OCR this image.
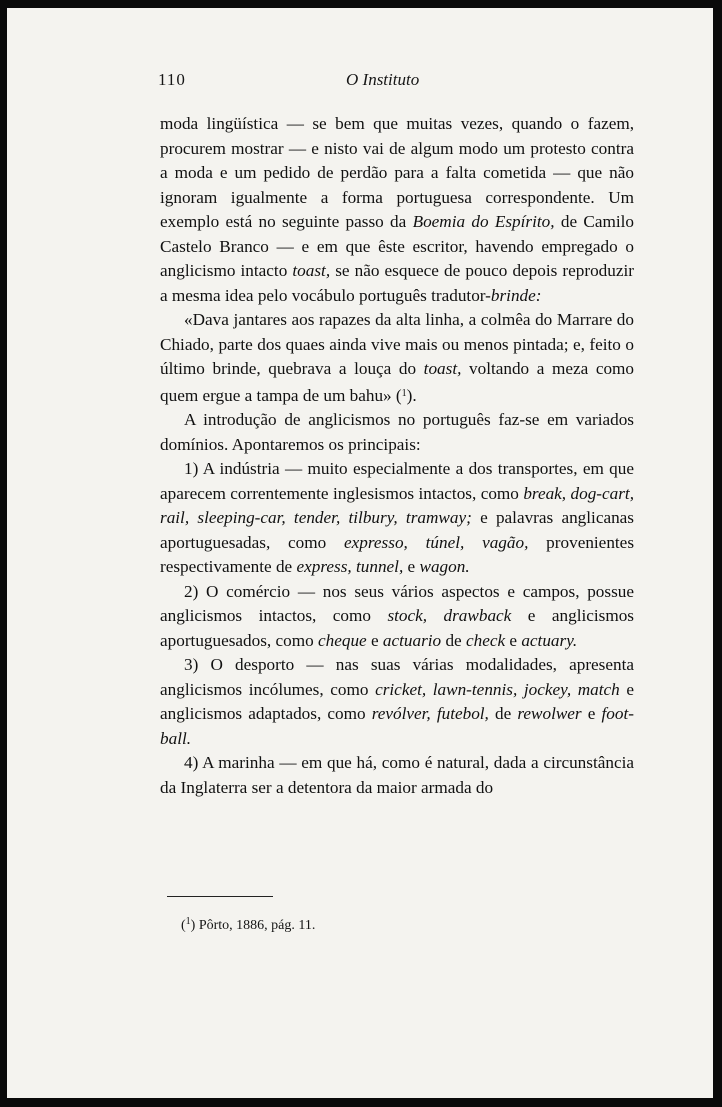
110	O Instituto

moda lingüística — se bem que muitas vezes, quando o fazem, procurem mostrar — e nisto vai de algum modo um protesto contra a moda e um pedido de perdão para a falta cometida — que não ignoram igualmente a forma portuguesa correspondente. Um exemplo está no seguinte passo da Boemia do Espírito, de Camilo Castelo Branco — e em que êste escritor, havendo empregado o anglicismo intacto toast, se não esquece de pouco depois reproduzir a mesma idea pelo vocábulo português tradutor-brinde:

«Dava jantares aos rapazes da alta linha, a colmêa do Marrare do Chiado, parte dos quaes ainda vive mais ou menos pintada; e, feito o último brinde, quebrava a louça do toast, voltando a meza como quem ergue a tampa de um bahu» ($^1$).

A introdução de anglicismos no português faz-se em variados domínios. Apontaremos os principais:

1) A indústria — muito especialmente a dos transportes, em que aparecem correntemente inglesismos intactos, como break, dog-cart, rail, sleeping-car, tender, tilbury, tramway; e palavras anglicanas aportuguesadas, como expresso, túnel, vagão, provenientes respectivamente de express, tunnel, e wagon.

2) O comércio — nos seus vários aspectos e campos, possue anglicismos intactos, como stock, drawback e anglicismos aportuguesados, como cheque e actuario de check e actuary.

3) O desporto — nas suas várias modalidades, apresenta anglicismos incólumes, como cricket, lawn-tennis, jockey, match e anglicismos adaptados, como revólver, futebol, de rewolwer e foot-ball.

4) A marinha — em que há, como é natural, dada a circunstância da Inglaterra ser a detentora da maior armada do

($^1$) Pôrto, 1886, pág. 11.
